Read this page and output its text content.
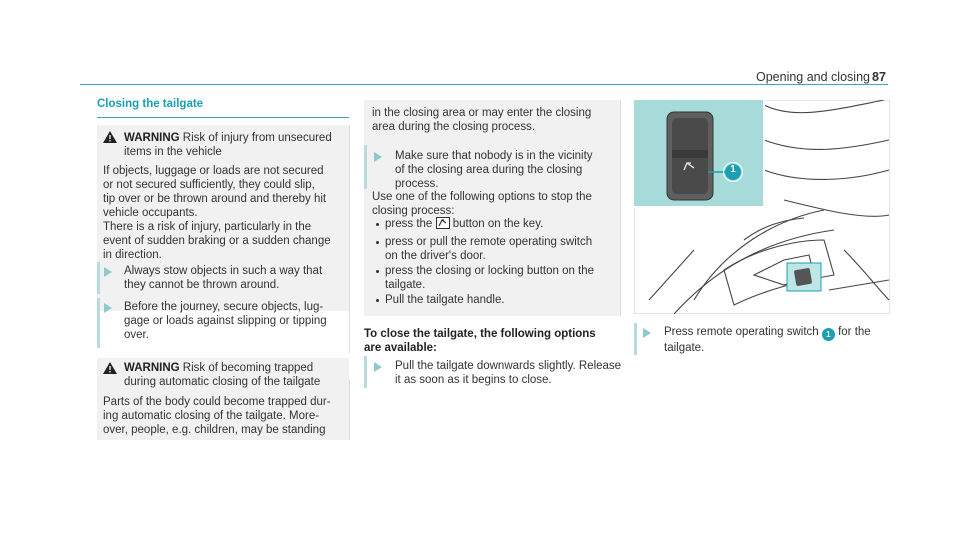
Opening and closing 87
Closing the tailgate
WARNING Risk of injury from unsecured
items in the vehicle
If objects, luggage or loads are not secured
or not secured sufficiently, they could slip,
tip over or be thrown around and thereby hit
vehicle occupants.
There is a risk of injury, particularly in the
event of sudden braking or a sudden change
in direction.
Always stow objects in such a way that
they cannot be thrown around.
Before the journey, secure objects, lug-
gage or loads against slipping or tipping
over.
WARNING Risk of becoming trapped
during automatic closing of the tailgate
Parts of the body could become trapped dur-
ing automatic closing of the tailgate. More-
over, people, e.g. children, may be standing
in the closing area or may enter the closing
area during the closing process.
Make sure that nobody is in the vicinity
of the closing area during the closing
process.
Use one of the following options to stop the
closing process:
press the button on the key.
press or pull the remote operating switch
on the driver's door.
press the closing or locking button on the
tailgate.
Pull the tailgate handle.
To close the tailgate, the following options
are available:
Pull the tailgate downwards slightly. Release
it as soon as it begins to close.
1
Press remote operating switch 1 for the
tailgate.
